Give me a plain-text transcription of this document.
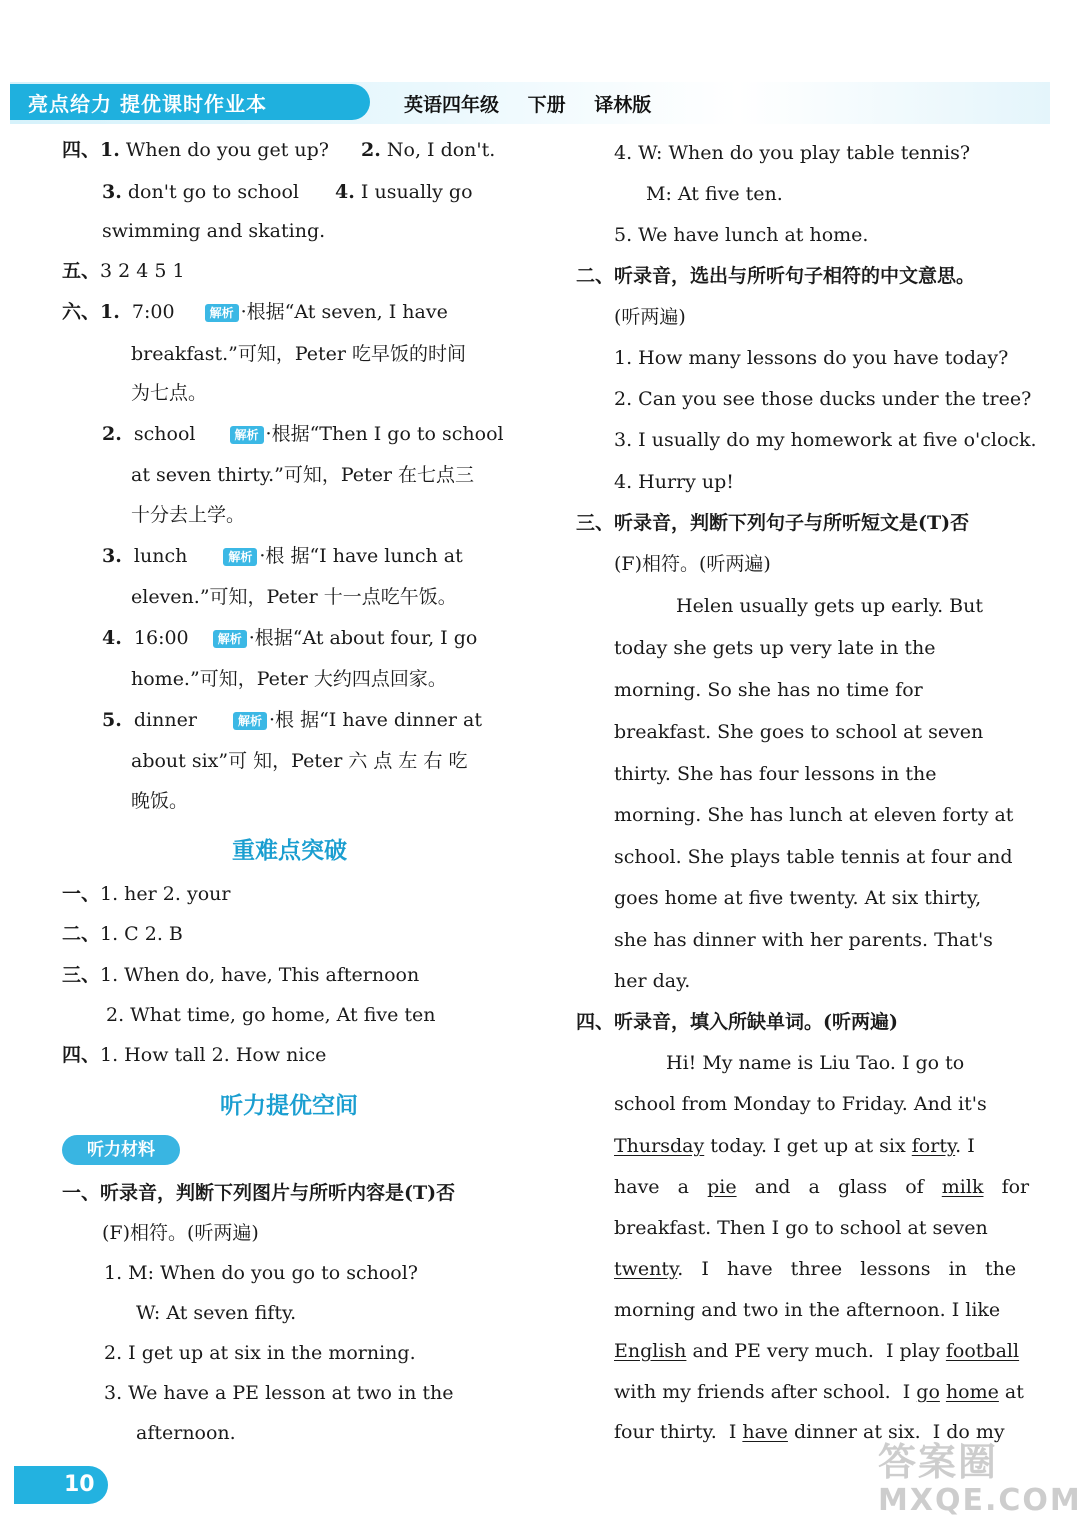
亮点给力 提优课时作业本	英语四年级 下册 译林版
四、1. When do you get up? 2. No, I don't.
3. don't go to school 4. I usually go
swimming and skating.
五、3 2 4 5 1
六、1. 7:00	解析 ·根据“At seven, I have
breakfast.”可知，Peter 吃早饭的时间
为七点。
2. school	解析 ·根据“Then I go to school
at seven thirty.”可知，Peter 在七点三
十分去上学。
3. lunch	解析 ·根 据“I have lunch at
eleven.”可知，Peter 十一点吃午饭。
4. 16:00 解析 ·根据“At about four, I go
home.”可知，Peter 大约四点回家。
5. dinner	解析 ·根 据“I have dinner at
about six”可 知，Peter 六 点 左 右 吃
晚饭。
重难点突破
一、1. her 2. your
二、1. C 2. B
三、1. When do, have, This afternoon
2. What time, go home, At five ten
四、1. How tall 2. How nice
听力提优空间
听力材料
一、听录音，判断下列图片与所听内容是(T)否
(F)相符。(听两遍)
1. M: When do you go to school?
W: At seven fifty.
2. I get up at six in the morning.
3. We have a PE lesson at two in the
afternoon.
4. W: When do you play table tennis?
M: At five ten.
5. We have lunch at home.
二、听录音，选出与所听句子相符的中文意思。
(听两遍)
1. How many lessons do you have today?
2. Can you see those ducks under the tree?
3. I usually do my homework at five o'clock.
4. Hurry up!
三、听录音，判断下列句子与所听短文是(T)否
(F)相符。(听两遍)
Helen usually gets up early. But
today she gets up very late in the
morning. So she has no time for
breakfast. She goes to school at seven
thirty. She has four lessons in the
morning. She has lunch at eleven forty at
school. She plays table tennis at four and
goes home at five twenty. At six thirty,
she has dinner with her parents. That's
her day.
四、听录音，填入所缺单词。(听两遍)
Hi! My name is Liu Tao. I go to
school from Monday to Friday. And it's
Thursday today. I get up at six forty. I
have   a   pie   and   a   glass   of   milk   for
breakfast. Then I go to school at seven
twenty.   I   have   three   lessons   in   the
morning and two in the afternoon. I like
English and PE very much.  I play football
with my friends after school.  I go home at
four thirty.  I have dinner at six.  I do my
10
答案圈
MXQE.COM
